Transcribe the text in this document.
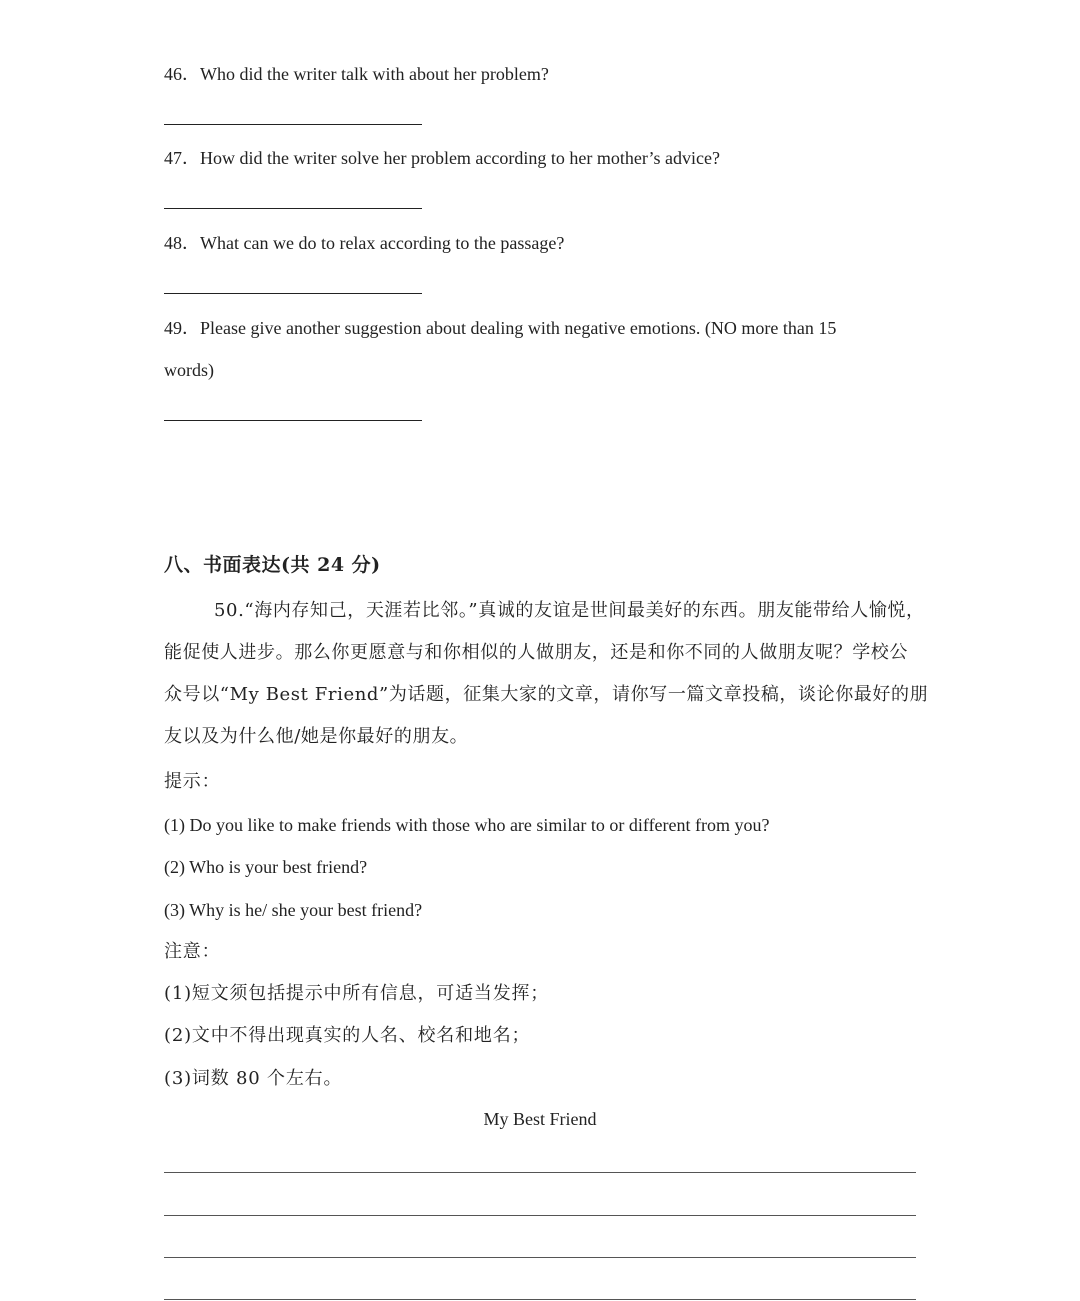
46．Who did the writer talk with about her problem?
47．How did the writer solve her problem according to her mother’s advice?
48．What can we do to relax according to the passage?
49．Please give another suggestion about dealing with negative emotions. (NO more than 15
words)
八、书面表达(共 24 分)
50.“海内存知己，天涯若比邻。”真诚的友谊是世间最美好的东西。朋友能带给人愉悦，
能促使人进步。那么你更愿意与和你相似的人做朋友，还是和你不同的人做朋友呢？学校公
众号以“My Best Friend”为话题，征集大家的文章，请你写一篇文章投稿，谈论你最好的朋
友以及为什么他/她是你最好的朋友。
提示：
(1) Do you like to make friends with those who are similar to or different from you?
(2) Who is your best friend?
(3) Why is he/ she your best friend?
注意：
(1)短文须包括提示中所有信息，可适当发挥；
(2)文中不得出现真实的人名、校名和地名；
(3)词数 80 个左右。
My Best Friend
